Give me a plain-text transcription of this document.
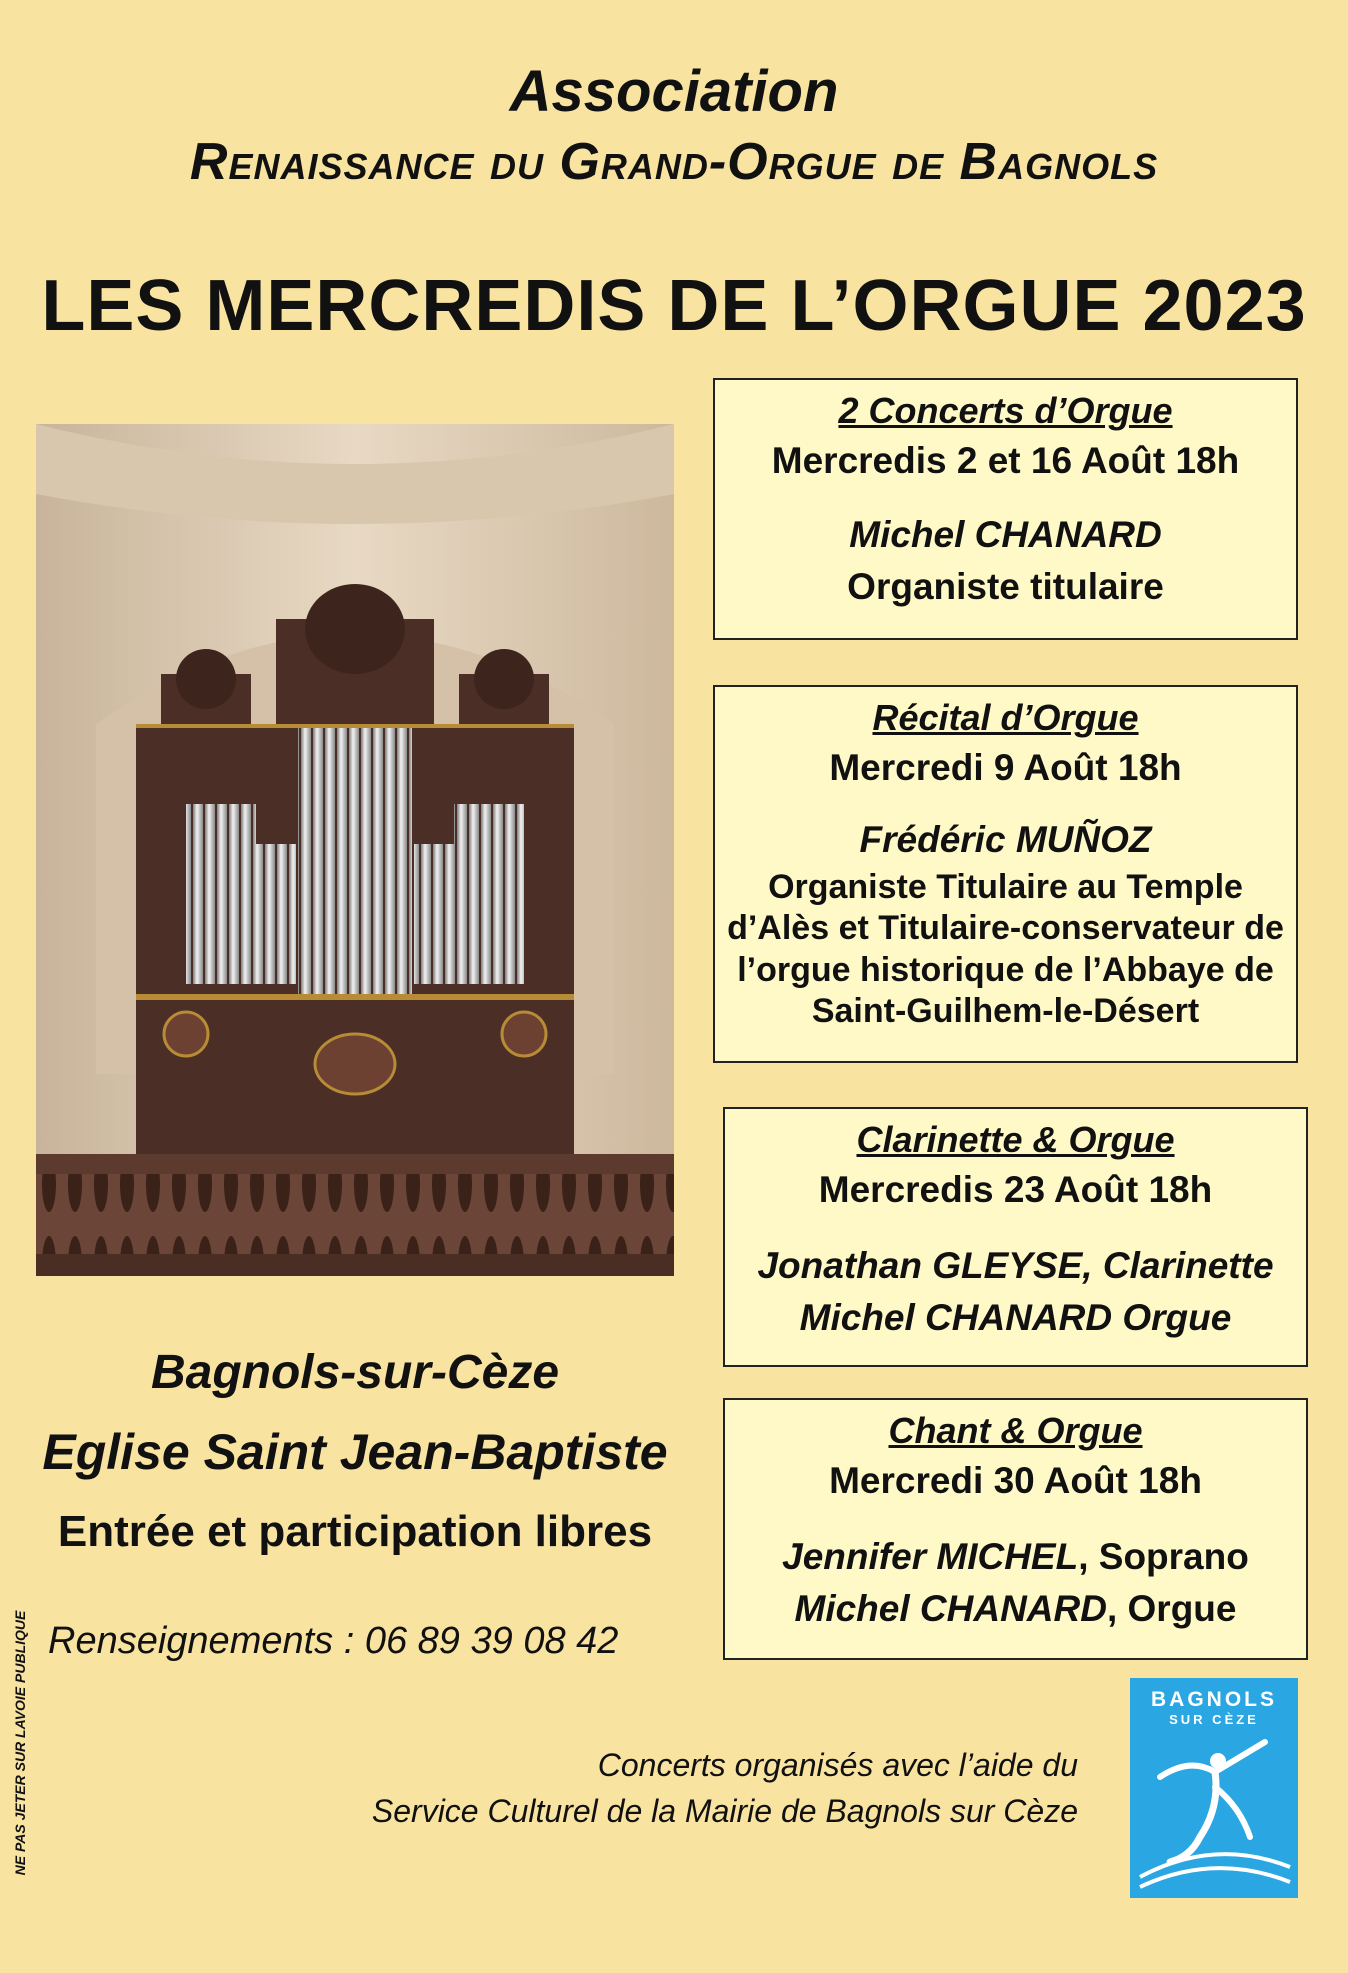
Association
Renaissance du Grand-Orgue de Bagnols
LES MERCREDIS DE L’ORGUE 2023
2 Concerts d’Orgue
Mercredis 2 et 16 Août 18h
Michel CHANARD
Organiste titulaire
Récital d’Orgue
Mercredi 9 Août 18h
Frédéric MUÑOZ
Organiste Titulaire au Temple
d’Alès et Titulaire-conservateur de
l’orgue historique de l’Abbaye de
Saint-Guilhem-le-Désert
Clarinette & Orgue
Mercredis 23 Août 18h
Jonathan GLEYSE, Clarinette
Michel CHANARD Orgue
Chant & Orgue
Mercredi 30 Août 18h
Jennifer MICHEL, Soprano
Michel CHANARD, Orgue
Bagnols-sur-Cèze
Eglise Saint Jean-Baptiste
Entrée et participation libres
Renseignements : 06 89 39 08 42
Concerts organisés avec l’aide du
Service Culturel de la Mairie de Bagnols sur Cèze
NE PAS JETER SUR LAVOIE PUBLIQUE	BAGNOLS
SUR CÈZE
